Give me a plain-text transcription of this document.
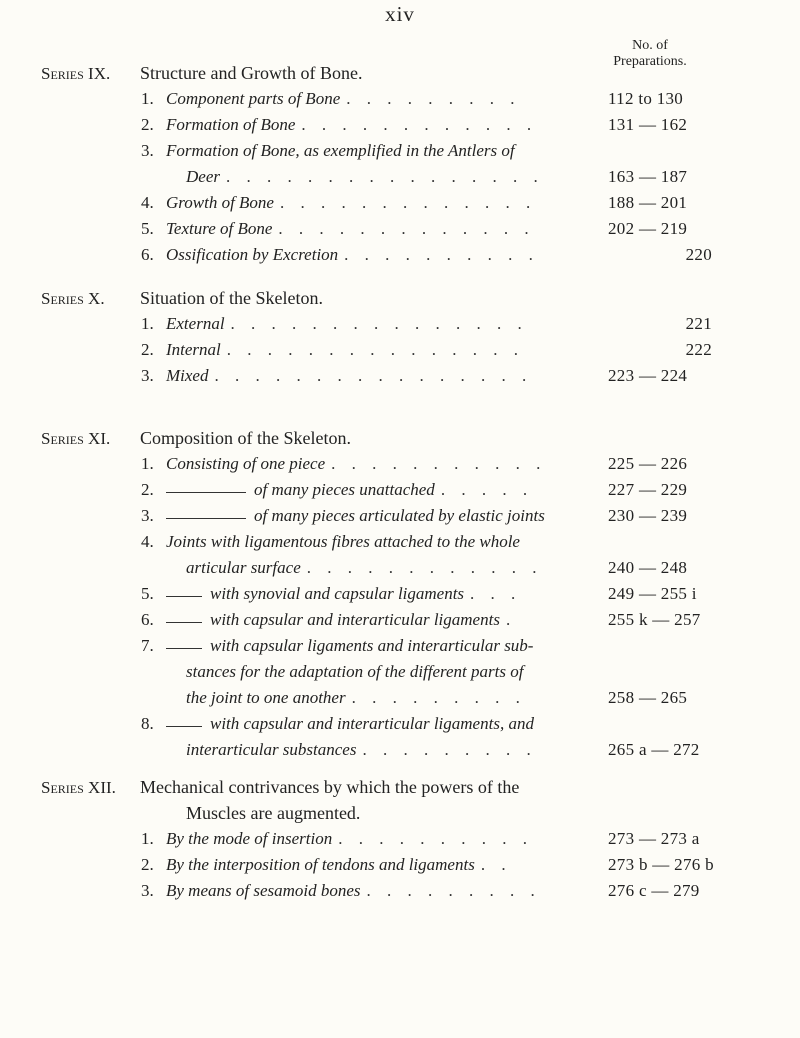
xiv
No. of
Preparations.
Series IX. Structure and Growth of Bone.
1. Component parts of Bone . . . . . . . . .	112 to 130
2. Formation of Bone . . . . . . . . . . . .	131 — 162
3. Formation of Bone, as exemplified in the Antlers of
Deer . . . . . . . . . . . . . . . .	163 — 187
4. Growth of Bone . . . . . . . . . . . . .	188 — 201
5. Texture of Bone . . . . . . . . . . . . .	202 — 219
6. Ossification by Excretion . . . . . . . . . .	220
Series X. Situation of the Skeleton.
1. External . . . . . . . . . . . . . . .	221
2. Internal . . . . . . . . . . . . . . .	222
3. Mixed . . . . . . . . . . . . . . . .	223 — 224
Series XI. Composition of the Skeleton.
1. Consisting of one piece . . . . . . . . . . .	225 — 226
2.	of many pieces unattached . . . . .	227 — 229
3.	of many pieces articulated by elastic joints	230 — 239
4. Joints with ligamentous fibres attached to the whole
articular surface . . . . . . . . . . . .	240 — 248
5.	with synovial and capsular ligaments . . .	249 — 255 i
6.	with capsular and interarticular ligaments .	255 k — 257
7.	with capsular ligaments and interarticular sub-
stances for the adaptation of the different parts of
the joint to one another . . . . . . . . .	258 — 265
8.	with capsular and interarticular ligaments, and
interarticular substances . . . . . . . . .	265 a — 272
Series XII. Mechanical contrivances by which the powers of the
Muscles are augmented.
1. By the mode of insertion . . . . . . . . . .	273 — 273 a
2. By the interposition of tendons and ligaments . .	273 b — 276 b
3. By means of sesamoid bones . . . . . . . . .	276 c — 279
